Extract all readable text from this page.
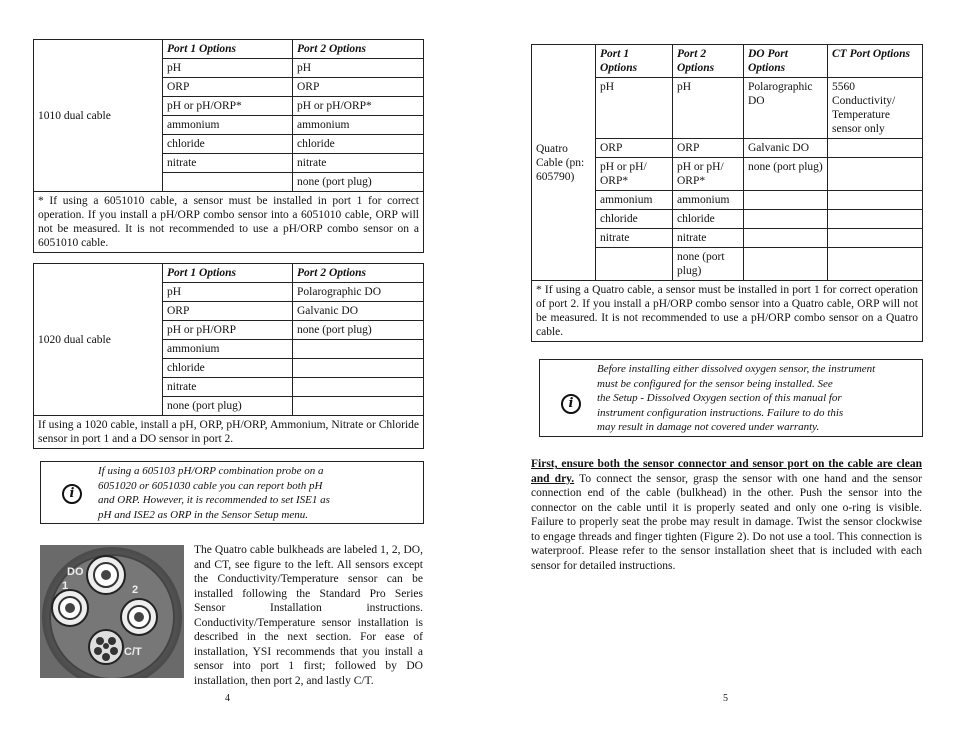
1010 dual cable	Port 1 Options	Port 2 Options
	pH	pH
	ORP	ORP
	pH or pH/ORP*	pH or pH/ORP*
	ammonium	ammonium
	chloride	chloride
	nitrate	nitrate
		none (port plug)
* If using a 6051010 cable, a sensor must be installed in port 1 for correct operation. If you install a pH/ORP combo sensor into a 6051010 cable, ORP will not be measured. It is not recommended to use a pH/ORP combo sensor on a 6051010 cable.		
1020 dual cable	Port 1 Options	Port 2 Options
	pH	Polarographic DO
	ORP	Galvanic DO
	pH or pH/ORP	none (port plug)
	ammonium	
	chloride	
	nitrate	
	none (port plug)	
If using a 1020 cable, install a pH, ORP, pH/ORP, Ammonium, Nitrate or Chloride sensor in port 1 and a DO sensor in port 2.		
i
If using a 605103 pH/ORP combination probe on a
6051020 or 6051030 cable you can report both pH
and ORP. However, it is recommended to set ISE1 as
pH and ISE2 as ORP in the Sensor Setup menu.
DO
1	2
C/T
The Quatro cable bulkheads are labeled 1, 2, DO, and CT, see figure to the left. All sensors except the Conductivity/Temperature sensor can be installed following the Standard Pro Series Sensor Installation instructions. Conductivity/Temperature sensor installation is described in the next section. For ease of installation, YSI recommends that you install a sensor into port 1 first; followed by DO installation, then port 2, and lastly C/T.
4
Quatro Cable (pn: 605790)	Port 1 Options	Port 2 Options	DO Port Options	CT Port Options
	pH	pH	Polarographic DO	5560 Conductivity/ Temperature sensor only
	ORP	ORP	Galvanic DO	
	pH or pH/ ORP*	pH or pH/ ORP*	none (port plug)	
	ammonium	ammonium		
	chloride	chloride		
	nitrate	nitrate		
		none (port plug)		
* If using a Quatro cable, a sensor must be installed in port 1 for correct operation of port 2. If you install a pH/ORP combo sensor into a Quatro cable, ORP will not be measured. It is not recommended to use a pH/ORP combo sensor on a Quatro cable.				
i
Before installing either dissolved oxygen sensor, the instrument
must be configured for the sensor being installed. See
the Setup - Dissolved Oxygen section of this manual for
instrument configuration instructions. Failure to do this
may result in damage not covered under warranty.
First, ensure both the sensor connector and sensor port on the cable are clean and dry. To connect the sensor, grasp the sensor with one hand and the sensor connection end of the cable (bulkhead) in the other. Push the sensor into the connector on the cable until it is properly seated and only one o-ring is visible. Failure to properly seat the probe may result in damage. Twist the sensor clockwise to engage threads and finger tighten (Figure 2). Do not use a tool. This connection is waterproof. Please refer to the sensor installation sheet that is included with each sensor for detailed instructions.
5
